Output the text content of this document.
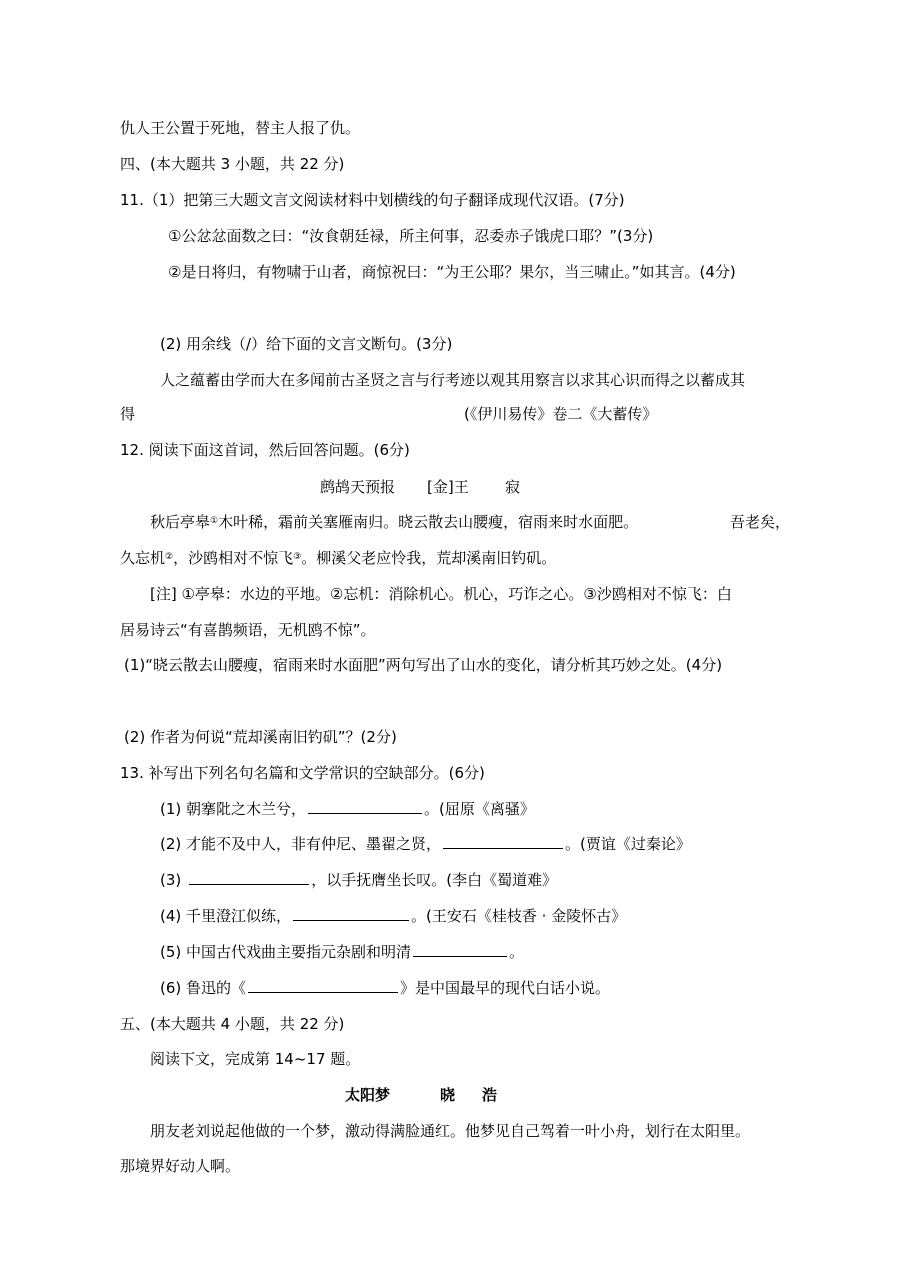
仇人王公置于死地，替主人报了仇。
四、(本大题共 3 小题，共 22 分)
11.（1）把第三大题文言文阅读材料中划横线的句子翻译成现代汉语。(7分)
①公忿忿面数之曰：“汝食朝廷禄，所主何事，忍委赤子饿虎口耶？”(3分)
②是日将归，有物啸于山者，商惊祝曰：“为王公耶？果尔，当三啸止。”如其言。(4分)
(2) 用余线（/）给下面的文言文断句。(3分)
人之蕴蓄由学而大在多闻前古圣贤之言与行考迹以观其用察言以求其心识而得之以蓄成其
得	(《伊川易传》卷二《大蓄传》
12. 阅读下面这首词，然后回答问题。(6分)
鹧鸪天预报 [金]王 寂
秋后亭皋①木叶稀，霜前关塞雁南归。晓云散去山腰瘦，宿雨来时水面肥。	吾老矣，
久忘机②，沙鸥相对不惊飞③。柳溪父老应怜我，荒却溪南旧钓矶。
[注] ①亭皋：水边的平地。②忘机：消除机心。机心，巧诈之心。③沙鸥相对不惊飞：白
居易诗云“有喜鹊频语，无机鸥不惊”。
(1)“晓云散去山腰瘦，宿雨来时水面肥”两句写出了山水的变化，请分析其巧妙之处。(4分)
(2) 作者为何说“荒却溪南旧钓矶”？(2分)
13. 补写出下列名句名篇和文学常识的空缺部分。(6分)
(1) 朝搴阰之木兰兮，	。(屈原《离骚》
(2) 才能不及中人，非有仲尼、墨翟之贤，	。(贾谊《过秦论》
(3)	，以手抚膺坐长叹。(李白《蜀道难》
(4) 千里澄江似练，	。(王安石《桂枝香 · 金陵怀古》
(5) 中国古代戏曲主要指元杂剧和明清	。
(6) 鲁迅的《	》是中国最早的现代白话小说。
五、(本大题共 4 小题，共 22 分)
阅读下文，完成第 14~17 题。
太阳梦	晓 浩
朋友老刘说起他做的一个梦，激动得满脸通红。他梦见自己驾着一叶小舟，划行在太阳里。
那境界好动人啊。
